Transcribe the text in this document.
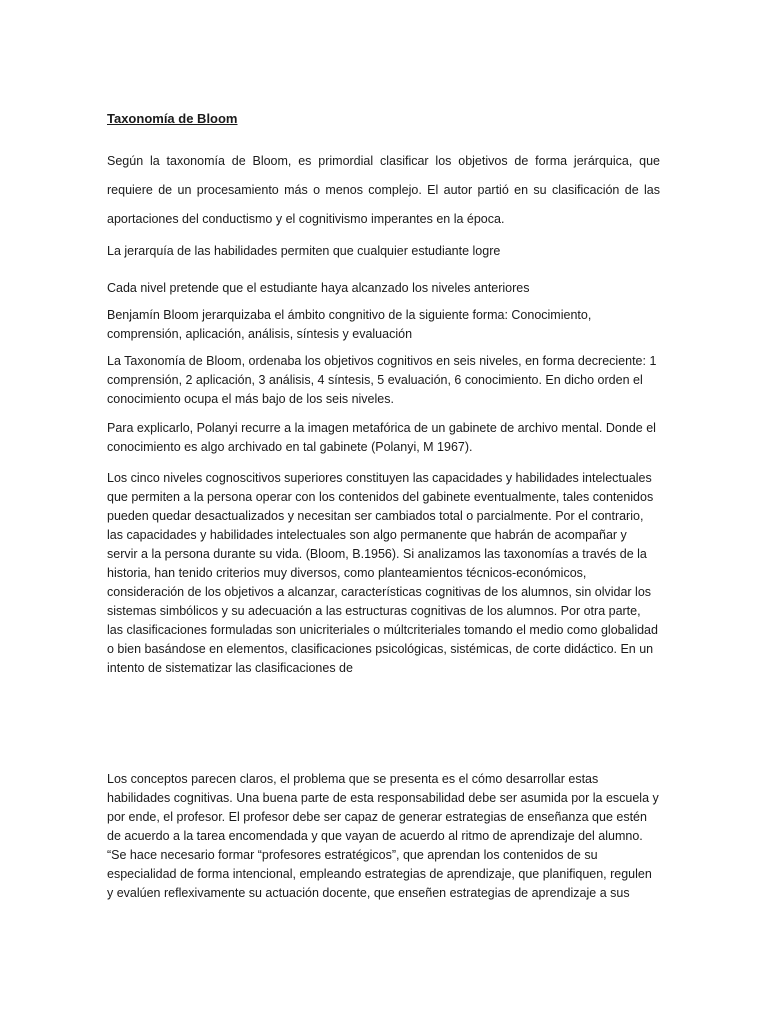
Taxonomía de Bloom

Según la taxonomía de Bloom, es primordial clasificar los objetivos de forma jerárquica, que requiere de un procesamiento más o menos complejo. El autor partió en su clasificación de las aportaciones del conductismo y el cognitivismo imperantes en la época.

La jerarquía de las habilidades permiten que cualquier estudiante logre

Cada nivel pretende que el estudiante haya alcanzado los niveles anteriores

Benjamín Bloom jerarquizaba el ámbito congnitivo de la siguiente forma: Conocimiento, comprensión, aplicación, análisis, síntesis y evaluación

La Taxonomía de Bloom, ordenaba los objetivos cognitivos en seis niveles, en forma decreciente: 1 comprensión, 2 aplicación, 3 análisis, 4 síntesis, 5 evaluación, 6 conocimiento. En dicho orden el conocimiento ocupa el más bajo de los seis niveles.

Para explicarlo, Polanyi recurre a la imagen metafórica de un gabinete de archivo mental. Donde el conocimiento es algo archivado en tal gabinete (Polanyi, M 1967).

Los cinco niveles cognoscitivos superiores constituyen las capacidades y habilidades intelectuales que permiten a la persona operar con los contenidos del gabinete eventualmente, tales contenidos pueden quedar desactualizados y necesitan ser cambiados total o parcialmente. Por el contrario, las capacidades y habilidades intelectuales son algo permanente que habrán de acompañar y servir a la persona durante su vida. (Bloom, B.1956). Si analizamos las taxonomías a través de la historia, han tenido criterios muy diversos, como planteamientos técnicos-económicos, consideración de los objetivos a alcanzar, características cognitivas de los alumnos, sin olvidar los sistemas simbólicos y su adecuación a las estructuras cognitivas de los alumnos. Por otra parte, las clasificaciones formuladas son unicriteriales o múltcriteriales tomando el medio como globalidad o bien basándose en elementos, clasificaciones psicológicas, sistémicas, de corte didáctico. En un intento de sistematizar las clasificaciones de

Los conceptos parecen claros, el problema que se presenta es el cómo desarrollar estas habilidades cognitivas. Una buena parte de esta responsabilidad debe ser asumida por la escuela y por ende, el profesor. El profesor debe ser capaz de generar estrategias de enseñanza que estén de acuerdo a la tarea encomendada y que vayan de acuerdo al ritmo de aprendizaje del alumno. “Se hace necesario formar “profesores estratégicos”, que aprendan los contenidos de su especialidad de forma intencional, empleando estrategias de aprendizaje, que planifiquen, regulen y evalúen reflexivamente su actuación docente, que enseñen estrategias de aprendizaje a sus
